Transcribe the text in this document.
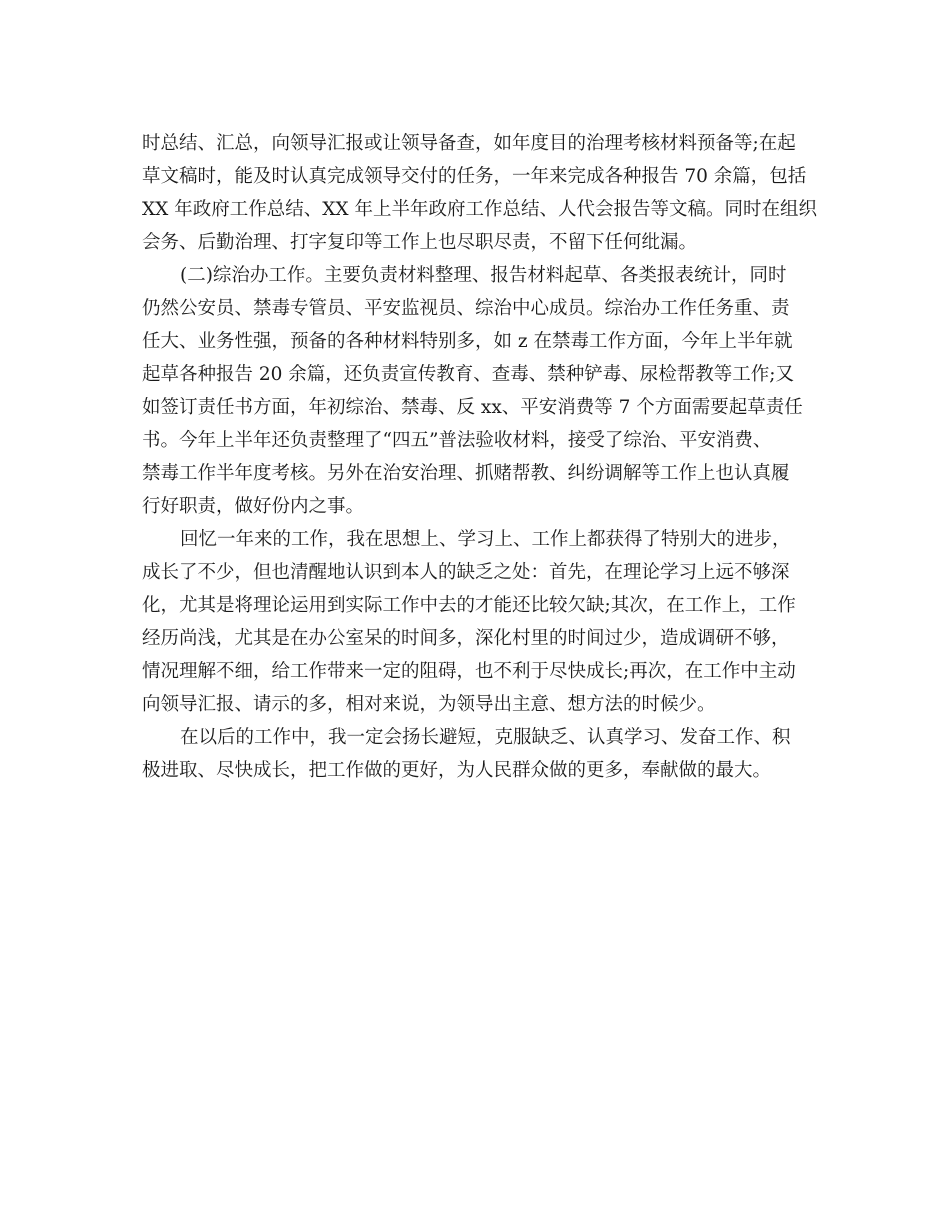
时总结、汇总，向领导汇报或让领导备查，如年度目的治理考核材料预备等;在起
草文稿时，能及时认真完成领导交付的任务，一年来完成各种报告 70 余篇，包括
XX 年政府工作总结、XX 年上半年政府工作总结、人代会报告等文稿。同时在组织
会务、后勤治理、打字复印等工作上也尽职尽责，不留下任何纰漏。
(二)综治办工作。主要负责材料整理、报告材料起草、各类报表统计，同时
仍然公安员、禁毒专管员、平安监视员、综治中心成员。综治办工作任务重、责
任大、业务性强，预备的各种材料特别多，如 z 在禁毒工作方面，今年上半年就
起草各种报告 20 余篇，还负责宣传教育、查毒、禁种铲毒、尿检帮教等工作;又
如签订责任书方面，年初综治、禁毒、反 xx、平安消费等 7 个方面需要起草责任
书。今年上半年还负责整理了“四五”普法验收材料，接受了综治、平安消费、
禁毒工作半年度考核。另外在治安治理、抓赌帮教、纠纷调解等工作上也认真履
行好职责，做好份内之事。
回忆一年来的工作，我在思想上、学习上、工作上都获得了特别大的进步，
成长了不少，但也清醒地认识到本人的缺乏之处：首先，在理论学习上远不够深
化，尤其是将理论运用到实际工作中去的才能还比较欠缺;其次，在工作上，工作
经历尚浅，尤其是在办公室呆的时间多，深化村里的时间过少，造成调研不够，
情况理解不细，给工作带来一定的阻碍，也不利于尽快成长;再次，在工作中主动
向领导汇报、请示的多，相对来说，为领导出主意、想方法的时候少。
在以后的工作中，我一定会扬长避短，克服缺乏、认真学习、发奋工作、积
极进取、尽快成长，把工作做的更好，为人民群众做的更多，奉献做的最大。
